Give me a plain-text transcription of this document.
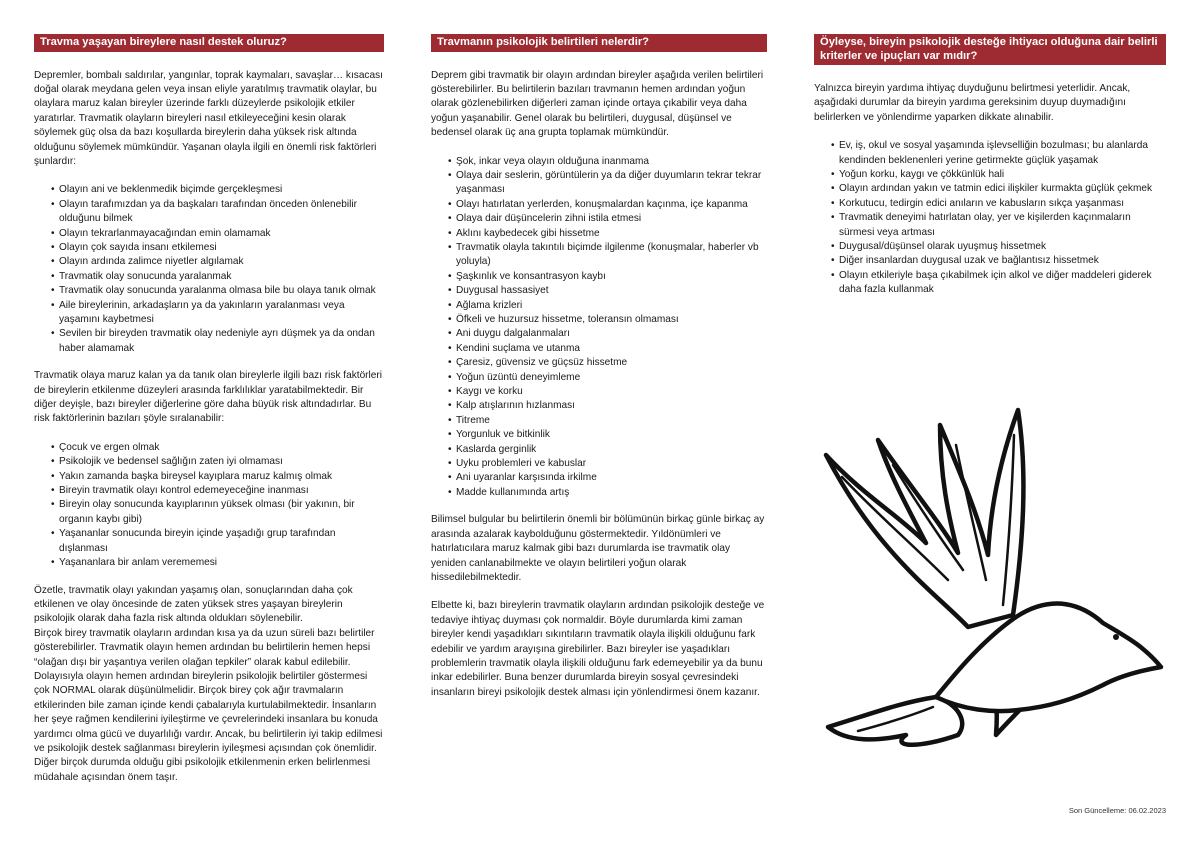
Travma yaşayan bireylere nasıl destek oluruz?

Depremler, bombalı saldırılar, yangınlar, toprak kaymaları, savaşlar… kısacası doğal olarak meydana gelen veya insan eliyle yaratılmış travmatik olaylar, bu olaylara maruz kalan bireyler üzerinde farklı düzeylerde psikolojik etkiler yaratırlar. Travmatik olayların bireyleri nasıl etkileyeceğini kesin olarak söylemek güç olsa da bazı koşullarda bireylerin daha yüksek risk altında olduğunu söylemek mümkündür. Yaşanan olayla ilgili en önemli risk faktörleri şunlardır:

• Olayın ani ve beklenmedik biçimde gerçekleşmesi
• Olayın tarafımızdan ya da başkaları tarafından önceden önlenebilir olduğunu bilmek
• Olayın tekrarlanmayacağından emin olamamak
• Olayın çok sayıda insanı etkilemesi
• Olayın ardında zalimce niyetler algılamak
• Travmatik olay sonucunda yaralanmak
• Travmatik olay sonucunda yaralanma olmasa bile bu olaya tanık olmak
• Aile bireylerinin, arkadaşların ya da yakınların yaralanması veya yaşamını kaybetmesi
• Sevilen bir bireyden travmatik olay nedeniyle ayrı düşmek ya da ondan haber alamamak

Travmatik olaya maruz kalan ya da tanık olan bireylerle ilgili bazı risk faktörleri de bireylerin etkilenme düzeyleri arasında farklılıklar yaratabilmektedir. Bir diğer deyişle, bazı bireyler diğerlerine göre daha büyük risk altındadırlar. Bu risk faktörlerinin bazıları şöyle sıralanabilir:

• Çocuk ve ergen olmak
• Psikolojik ve bedensel sağlığın zaten iyi olmaması
• Yakın zamanda başka bireysel kayıplara maruz kalmış olmak
• Bireyin travmatik olayı kontrol edemeyeceğine inanması
• Bireyin olay sonucunda kayıplarının yüksek olması (bir yakının, bir organın kaybı gibi)
• Yaşananlar sonucunda bireyin içinde yaşadığı grup tarafından dışlanması
• Yaşananlara bir anlam verememesi

Özetle, travmatik olayı yakından yaşamış olan, sonuçlarından daha çok etkilenen ve olay öncesinde de zaten yüksek stres yaşayan bireylerin psikolojik olarak daha fazla risk altında oldukları söylenebilir.

Birçok birey travmatik olayların ardından kısa ya da uzun süreli bazı belirtiler gösterebilirler. Travmatik olayın hemen ardından bu belirtilerin hemen hepsi “olağan dışı bir yaşantıya verilen olağan tepkiler” olarak kabul edilebilir. Dolayısıyla olayın hemen ardından bireylerin psikolojik belirtiler göstermesi çok NORMAL olarak düşünülmelidir. Birçok birey çok ağır travmaların etkilerinden bile zaman içinde kendi çabalarıyla kurtulabilmektedir. İnsanların her şeye rağmen kendilerini iyileştirme ve çevrelerindeki insanlara bu konuda yardımcı olma gücü ve duyarlılığı vardır. Ancak, bu belirtilerin iyi takip edilmesi ve psikolojik destek sağlanması bireylerin iyileşmesi açısından çok önemlidir. Diğer birçok durumda olduğu gibi psikolojik etkilenmenin erken belirlenmesi müdahale açısından önem taşır.

Travmanın psikolojik belirtileri nelerdir?

Deprem gibi travmatik bir olayın ardından bireyler aşağıda verilen belirtileri gösterebilirler. Bu belirtilerin bazıları travmanın hemen ardından yoğun olarak gözlenebilirken diğerleri zaman içinde ortaya çıkabilir veya daha yoğun yaşanabilir. Genel olarak bu belirtileri, duygusal, düşünsel ve bedensel olarak üç ana grupta toplamak mümkündür.

• Şok, inkar veya olayın olduğuna inanmama
• Olaya dair seslerin, görüntülerin ya da diğer duyumların tekrar tekrar yaşanması
• Olayı hatırlatan yerlerden, konuşmalardan kaçınma, içe kapanma
• Olaya dair düşüncelerin zihni istila etmesi
• Aklını kaybedecek gibi hissetme
• Travmatik olayla takıntılı biçimde ilgilenme (konuşmalar, haberler vb yoluyla)
• Şaşkınlık ve konsantrasyon kaybı
• Duygusal hassasiyet
• Ağlama krizleri
• Öfkeli ve huzursuz hissetme, toleransın olmaması
• Ani duygu dalgalanmaları
• Kendini suçlama ve utanma
• Çaresiz, güvensiz ve güçsüz hissetme
• Yoğun üzüntü deneyimleme
• Kaygı ve korku
• Kalp atışlarının hızlanması
• Titreme
• Yorgunluk ve bitkinlik
• Kaslarda gerginlik
• Uyku problemleri ve kabuslar
• Ani uyaranlar karşısında irkilme
• Madde kullanımında artış

Bilimsel bulgular bu belirtilerin önemli bir bölümünün birkaç günle birkaç ay arasında azalarak kaybolduğunu göstermektedir. Yıldönümleri ve hatırlatıcılara maruz kalmak gibi bazı durumlarda ise travmatik olay yeniden canlanabilmekte ve olayın belirtileri yoğun olarak hissedilebilmektedir.

Elbette ki, bazı bireylerin travmatik olayların ardından psikolojik desteğe ve tedaviye ihtiyaç duyması çok normaldir. Böyle durumlarda kimi zaman bireyler kendi yaşadıkları sıkıntıların travmatik olayla ilişkili olduğunu fark edebilir ve yardım arayışına girebilirler. Bazı bireyler ise yaşadıkları problemlerin travmatik olayla ilişkili olduğunu fark edemeyebilir ya da bunu inkar edebilirler. Buna benzer durumlarda bireyin sosyal çevresindeki insanların bireyi psikolojik destek alması için yönlendirmesi önem kazanır.

Öyleyse, bireyin psikolojik desteğe ihtiyacı olduğuna dair belirli kriterler ve ipuçları var mıdır?

Yalnızca bireyin yardıma ihtiyaç duyduğunu belirtmesi yeterlidir. Ancak, aşağıdaki durumlar da bireyin yardıma gereksinim duyup duymadığını belirlerken ve yönlendirme yaparken dikkate alınabilir.

• Ev, iş, okul ve sosyal yaşamında işlevselliğin bozulması; bu alanlarda kendinden beklenenleri yerine getirmekte güçlük yaşamak
• Yoğun korku, kaygı ve çökkünlük hali
• Olayın ardından yakın ve tatmin edici ilişkiler kurmakta güçlük çekmek
• Korkutucu, tedirgin edici anıların ve kabusların sıkça yaşanması
• Travmatik deneyimi hatırlatan olay, yer ve kişilerden kaçınmaların sürmesi veya artması
• Duygusal/düşünsel olarak uyuşmuş hissetmek
• Diğer insanlardan duygusal uzak ve bağlantısız hissetmek
• Olayın etkileriyle başa çıkabilmek için alkol ve diğer maddeleri giderek daha fazla kullanmak
Son Güncelleme: 06.02.2023
